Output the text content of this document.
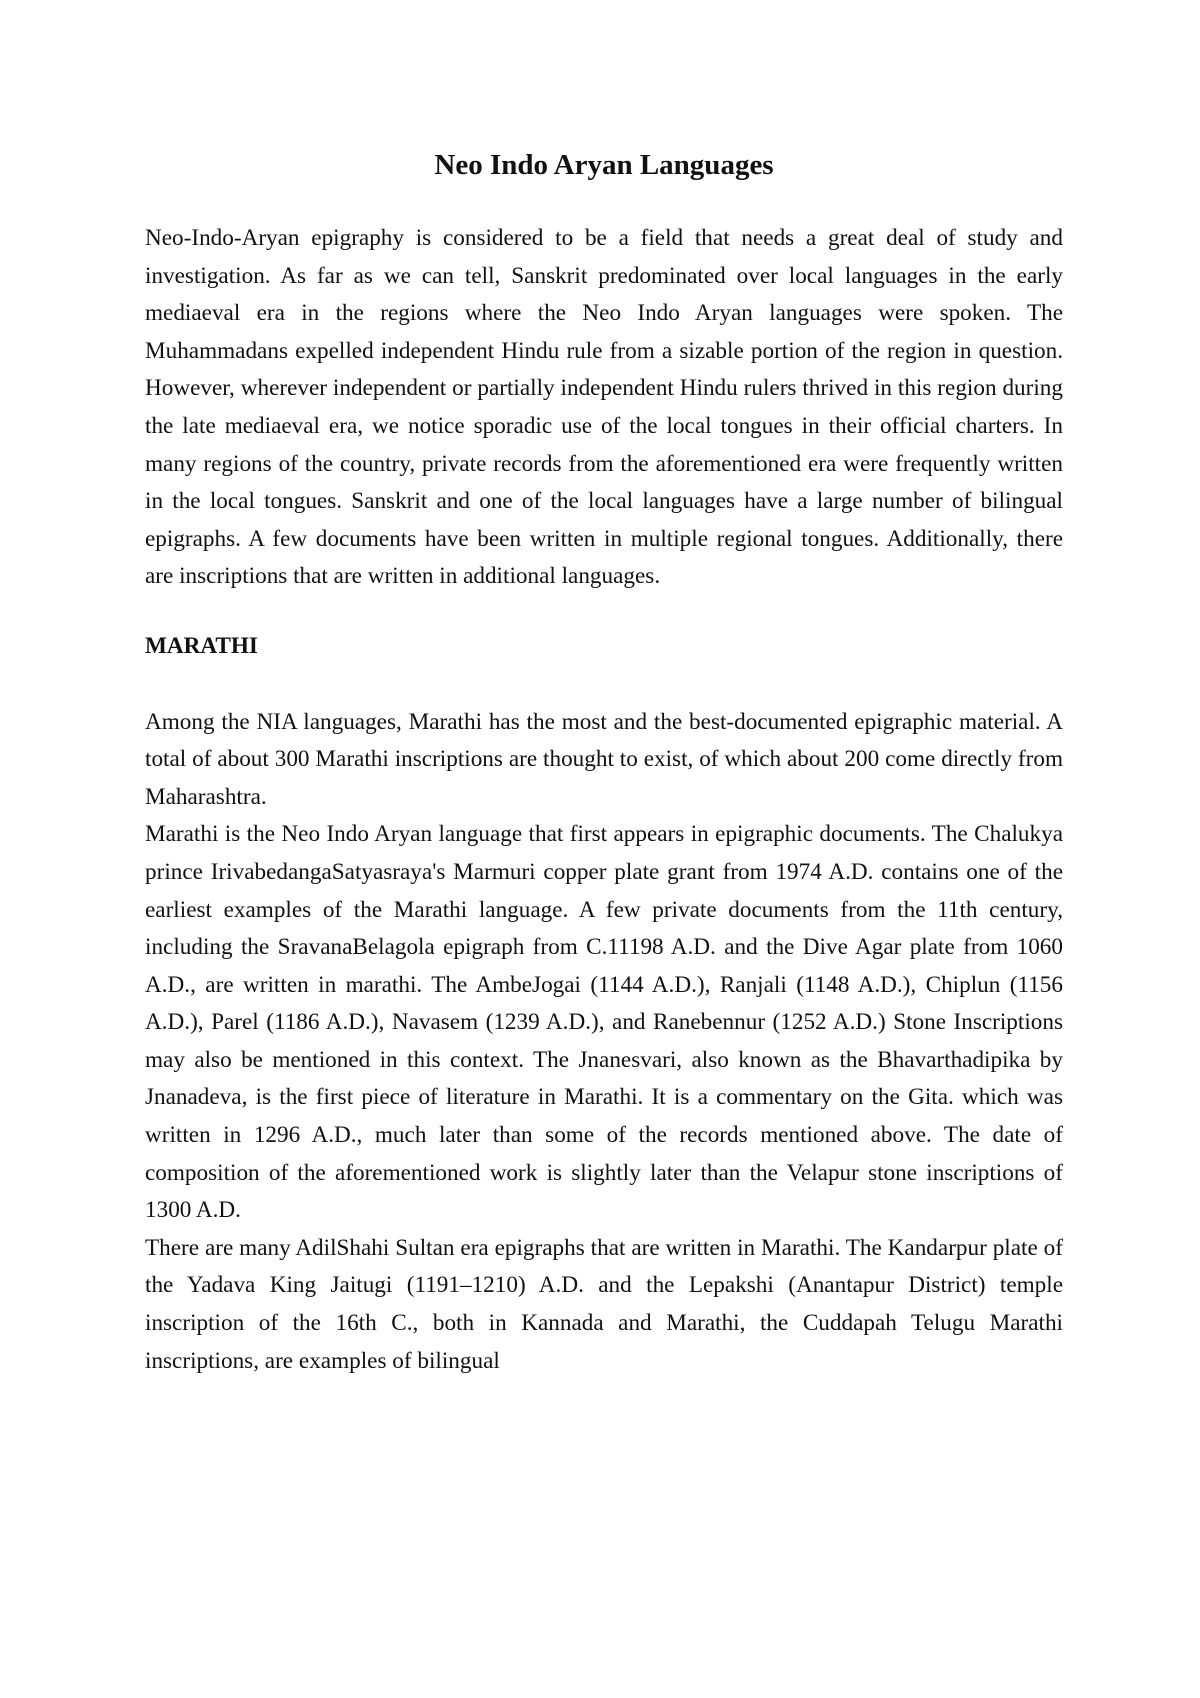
Neo Indo Aryan Languages

Neo-Indo-Aryan epigraphy is considered to be a field that needs a great deal of study and investigation. As far as we can tell, Sanskrit predominated over local languages in the early mediaeval era in the regions where the Neo Indo Aryan languages were spoken. The Muhammadans expelled independent Hindu rule from a sizable portion of the region in question. However, wherever independent or partially independent Hindu rulers thrived in this region during the late mediaeval era, we notice sporadic use of the local tongues in their official charters. In many regions of the country, private records from the aforementioned era were frequently written in the local tongues. Sanskrit and one of the local languages have a large number of bilingual epigraphs. A few documents have been written in multiple regional tongues. Additionally, there are inscriptions that are written in additional languages.

MARATHI

Among the NIA languages, Marathi has the most and the best-documented epigraphic material. A total of about 300 Marathi inscriptions are thought to exist, of which about 200 come directly from Maharashtra.

Marathi is the Neo Indo Aryan language that first appears in epigraphic documents. The Chalukya prince IrivabedangaSatyasraya's Marmuri copper plate grant from 1974 A.D. contains one of the earliest examples of the Marathi language. A few private documents from the 11th century, including the SravanaBelagola epigraph from C.11198 A.D. and the Dive Agar plate from 1060 A.D., are written in marathi. The AmbeJogai (1144 A.D.), Ranjali (1148 A.D.), Chiplun (1156 A.D.), Parel (1186 A.D.), Navasem (1239 A.D.), and Ranebennur (1252 A.D.) Stone Inscriptions may also be mentioned in this context. The Jnanesvari, also known as the Bhavarthadipika by Jnanadeva, is the first piece of literature in Marathi. It is a commentary on the Gita. which was written in 1296 A.D., much later than some of the records mentioned above. The date of composition of the aforementioned work is slightly later than the Velapur stone inscriptions of 1300 A.D.

There are many AdilShahi Sultan era epigraphs that are written in Marathi. The Kandarpur plate of the Yadava King Jaitugi (1191–1210) A.D. and the Lepakshi (Anantapur District) temple inscription of the 16th C., both in Kannada and Marathi, the Cuddapah Telugu Marathi inscriptions, are examples of bilingual
